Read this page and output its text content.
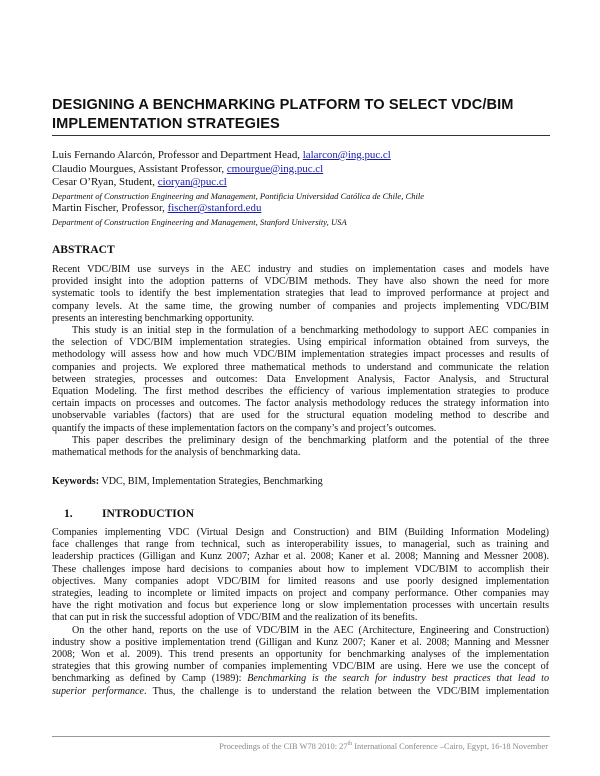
DESIGNING A BENCHMARKING PLATFORM TO SELECT VDC/BIM IMPLEMENTATION STRATEGIES
Luis Fernando Alarcón, Professor and Department Head, lalarcon@ing.puc.cl
Claudio Mourgues, Assistant Professor, cmourgue@ing.puc.cl
Cesar O’Ryan, Student, cioryan@puc.cl
Department of Construction Engineering and Management, Pontificia Universidad Católica de Chile, Chile
Martin Fischer, Professor, fischer@stanford.edu
Department of Construction Engineering and Management, Stanford University, USA
ABSTRACT
Recent VDC/BIM use surveys in the AEC industry and studies on implementation cases and models have
provided insight into the adoption patterns of VDC/BIM methods. They have also shown the need for more
systematic tools to identify the best implementation strategies that lead to improved performance at project and
company levels. At the same time, the growing number of companies and projects implementing VDC/BIM
presents an interesting benchmarking opportunity.
This study is an initial step in the formulation of a benchmarking methodology to support AEC companies in
the selection of VDC/BIM implementation strategies. Using empirical information obtained from surveys, the
methodology will assess how and how much VDC/BIM implementation strategies impact processes and results of
companies and projects. We explored three mathematical methods to understand and communicate the relation
between strategies, processes and outcomes: Data Envelopment Analysis, Factor Analysis, and Structural
Equation Modeling. The first method describes the efficiency of various implementation strategies to produce
certain impacts on processes and outcomes. The factor analysis methodology reduces the strategy information into
unobservable variables (factors) that are used for the structural equation modeling method to describe and
quantify the impacts of these implementation factors on the company’s and project’s outcomes.
This paper describes the preliminary design of the benchmarking platform and the potential of the three
mathematical methods for the analysis of benchmarking data.
Keywords: VDC, BIM, Implementation Strategies, Benchmarking
1.	INTRODUCTION
Companies implementing VDC (Virtual Design and Construction) and BIM (Building Information Modeling)
face challenges that range from technical, such as interoperability issues, to managerial, such as training and
leadership practices (Gilligan and Kunz 2007; Azhar et al. 2008; Kaner et al. 2008; Manning and Messner 2008).
These challenges impose hard decisions to companies about how to implement VDC/BIM to accomplish their
objectives. Many companies adopt VDC/BIM for limited reasons and use poorly designed implementation
strategies, leading to incomplete or limited impacts on project and company performance. Other companies may
have the right motivation and focus but experience long or slow implementation processes with uncertain results
that can put in risk the successful adoption of VDC/BIM and the realization of its benefits.
On the other hand, reports on the use of VDC/BIM in the AEC (Architecture, Engineering and Construction)
industry show a positive implementation trend (Gilligan and Kunz 2007; Kaner et al. 2008; Manning and Messner
2008; Won et al. 2009). This trend presents an opportunity for benchmarking analyses of the implementation
strategies that this growing number of companies implementing VDC/BIM are using. Here we use the concept of
benchmarking as defined by Camp (1989): Benchmarking is the search for industry best practices that lead to
superior performance. Thus, the challenge is to understand the relation between the VDC/BIM implementation
Proceedings of the CIB W78 2010: 27th International Conference –Cairo, Egypt, 16-18 November
